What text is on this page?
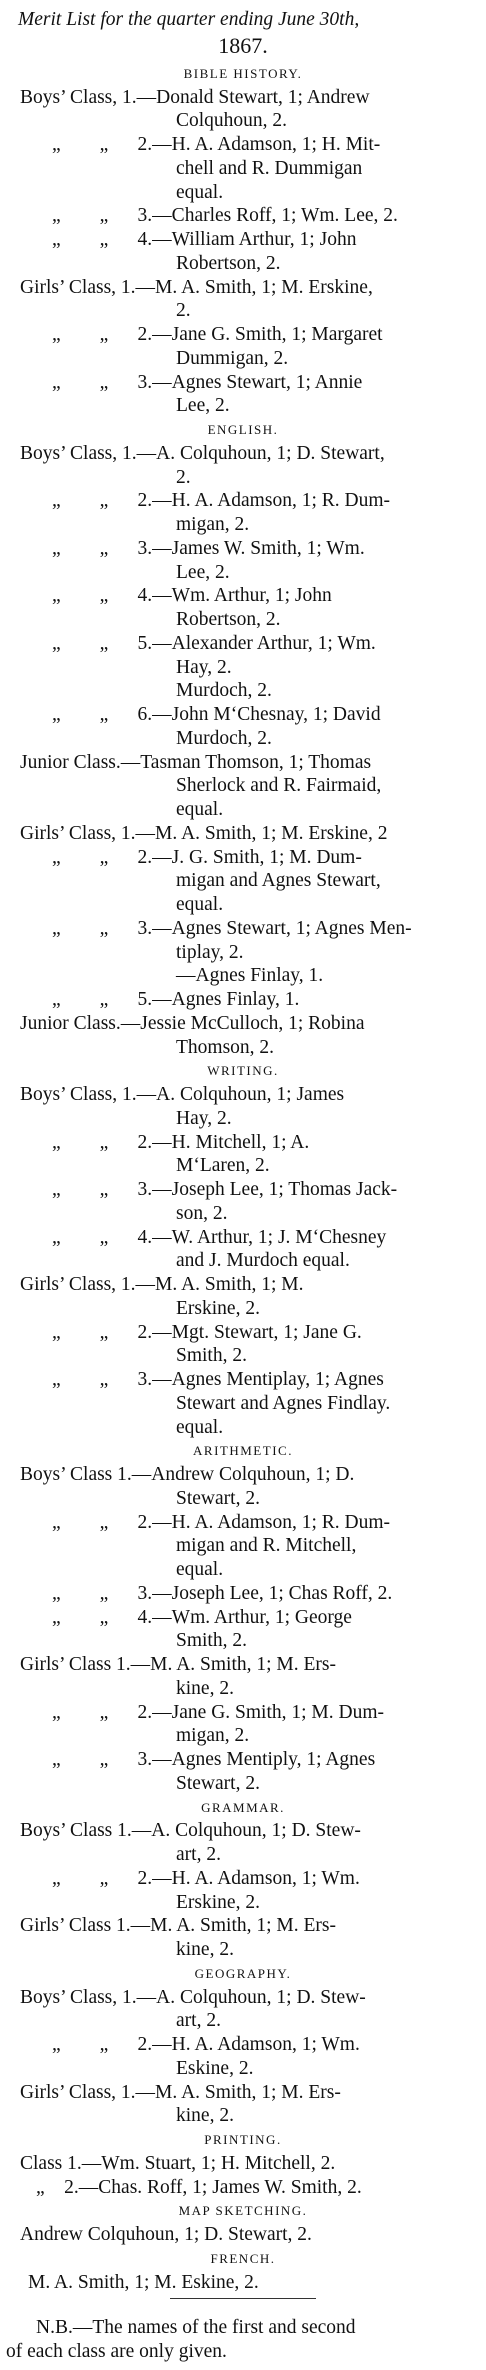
Merit List for the quarter ending June 30th,
1867.
BIBLE HISTORY.
Boys’ Class, 1.—Donald Stewart, 1; Andrew
Colquhoun, 2.
„        „      2.—H. A. Adamson, 1; H. Mit-
chell and R. Dummigan
equal.
„        „      3.—Charles Roff, 1; Wm. Lee, 2.
„        „      4.—William Arthur, 1; John
Robertson, 2.
Girls’ Class, 1.—M. A. Smith, 1; M. Erskine,
2.
„        „      2.—Jane G. Smith, 1; Margaret
Dummigan, 2.
„        „      3.—Agnes Stewart, 1; Annie
Lee, 2.
ENGLISH.
Boys’ Class, 1.—A. Colquhoun, 1; D. Stewart,
2.
„        „      2.—H. A. Adamson, 1; R. Dum-
migan, 2.
„        „      3.—James W. Smith, 1; Wm.
Lee, 2.
„        „      4.—Wm. Arthur, 1; John
Robertson, 2.
„        „      5.—Alexander Arthur, 1; Wm.
Hay, 2.
Murdoch, 2.
„        „      6.—John M‘Chesnay, 1; David
Murdoch, 2.
Junior Class.—Tasman Thomson, 1; Thomas
Sherlock and R. Fairmaid,
equal.
Girls’ Class, 1.—M. A. Smith, 1; M. Erskine, 2
„        „      2.—J. G. Smith, 1; M. Dum-
migan and Agnes Stewart,
equal.
„        „      3.—Agnes Stewart, 1; Agnes Men-
tiplay, 2.
—Agnes Finlay, 1.
„        „      5.—Agnes Finlay, 1.
Junior Class.—Jessie McCulloch, 1; Robina
Thomson, 2.
WRITING.
Boys’ Class, 1.—A. Colquhoun, 1; James
Hay, 2.
„        „      2.—H. Mitchell, 1; A.
M‘Laren, 2.
„        „      3.—Joseph Lee, 1; Thomas Jack-
son, 2.
„        „      4.—W. Arthur, 1; J. M‘Chesney
and J. Murdoch equal.
Girls’ Class, 1.—M. A. Smith, 1; M.
Erskine, 2.
„        „      2.—Mgt. Stewart, 1; Jane G.
Smith, 2.
„        „      3.—Agnes Mentiplay, 1; Agnes
Stewart and Agnes Findlay.
equal.
ARITHMETIC.
Boys’ Class 1.—Andrew Colquhoun, 1; D.
Stewart, 2.
„        „      2.—H. A. Adamson, 1; R. Dum-
migan and R. Mitchell,
equal.
„        „      3.—Joseph Lee, 1; Chas Roff, 2.
„        „      4.—Wm. Arthur, 1; George
Smith, 2.
Girls’ Class 1.—M. A. Smith, 1; M. Ers-
kine, 2.
„        „      2.—Jane G. Smith, 1; M. Dum-
migan, 2.
„        „      3.—Agnes Mentiply, 1; Agnes
Stewart, 2.
GRAMMAR.
Boys’ Class 1.—A. Colquhoun, 1; D. Stew-
art, 2.
„        „      2.—H. A. Adamson, 1; Wm.
Erskine, 2.
Girls’ Class 1.—M. A. Smith, 1; M. Ers-
kine, 2.
GEOGRAPHY.
Boys’ Class, 1.—A. Colquhoun, 1; D. Stew-
art, 2.
„        „      2.—H. A. Adamson, 1; Wm.
Eskine, 2.
Girls’ Class, 1.—M. A. Smith, 1; M. Ers-
kine, 2.
PRINTING.
Class 1.—Wm. Stuart, 1; H. Mitchell, 2.
„    2.—Chas. Roff, 1; James W. Smith, 2.
MAP SKETCHING.
Andrew Colquhoun, 1; D. Stewart, 2.
FRENCH.
M. A. Smith, 1; M. Eskine, 2.
N.B.—The names of the first and second
of each class are only given.
